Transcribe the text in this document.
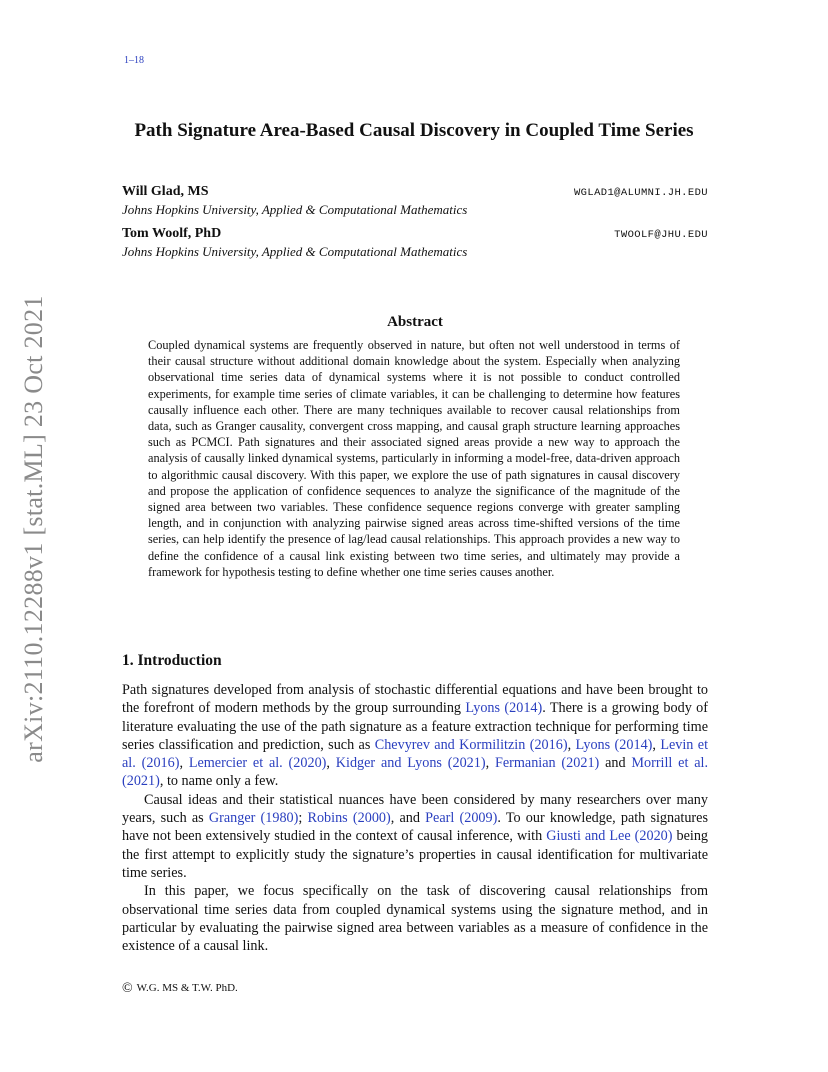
1–18
arXiv:2110.12288v1 [stat.ML] 23 Oct 2021
Path Signature Area-Based Causal Discovery in Coupled Time Series
Will Glad, MS	WGLAD1@ALUMNI.JH.EDU
Johns Hopkins University, Applied & Computational Mathematics
Tom Woolf, PhD	TWOOLF@JHU.EDU
Johns Hopkins University, Applied & Computational Mathematics
Abstract
Coupled dynamical systems are frequently observed in nature, but often not well understood in terms of their causal structure without additional domain knowledge about the system. Especially when analyzing observational time series data of dynamical systems where it is not possible to conduct controlled experiments, for example time series of climate variables, it can be challenging to determine how features causally influence each other. There are many techniques available to recover causal relationships from data, such as Granger causality, convergent cross mapping, and causal graph structure learning approaches such as PCMCI. Path signatures and their associated signed areas provide a new way to approach the analysis of causally linked dynamical systems, particularly in informing a model-free, data-driven approach to algorithmic causal discovery. With this paper, we explore the use of path signatures in causal discovery and propose the application of confidence sequences to analyze the significance of the magnitude of the signed area between two variables. These confidence sequence regions converge with greater sampling length, and in conjunction with analyzing pairwise signed areas across time-shifted versions of the time series, can help identify the presence of lag/lead causal relationships. This approach provides a new way to define the confidence of a causal link existing between two time series, and ultimately may provide a framework for hypothesis testing to define whether one time series causes another.
1. Introduction

Path signatures developed from analysis of stochastic differential equations and have been brought to the forefront of modern methods by the group surrounding Lyons (2014). There is a growing body of literature evaluating the use of the path signature as a feature extraction technique for performing time series classification and prediction, such as Chevyrev and Kormilitzin (2016), Lyons (2014), Levin et al. (2016), Lemercier et al. (2020), Kidger and Lyons (2021), Fermanian (2021) and Morrill et al. (2021), to name only a few.

Causal ideas and their statistical nuances have been considered by many researchers over many years, such as Granger (1980); Robins (2000), and Pearl (2009). To our knowledge, path signatures have not been extensively studied in the context of causal inference, with Giusti and Lee (2020) being the first attempt to explicitly study the signature’s properties in causal identification for multivariate time series.

In this paper, we focus specifically on the task of discovering causal relationships from observational time series data from coupled dynamical systems using the signature method, and in particular by evaluating the pairwise signed area between variables as a measure of confidence in the existence of a causal link.

© W.G. MS & T.W. PhD.
